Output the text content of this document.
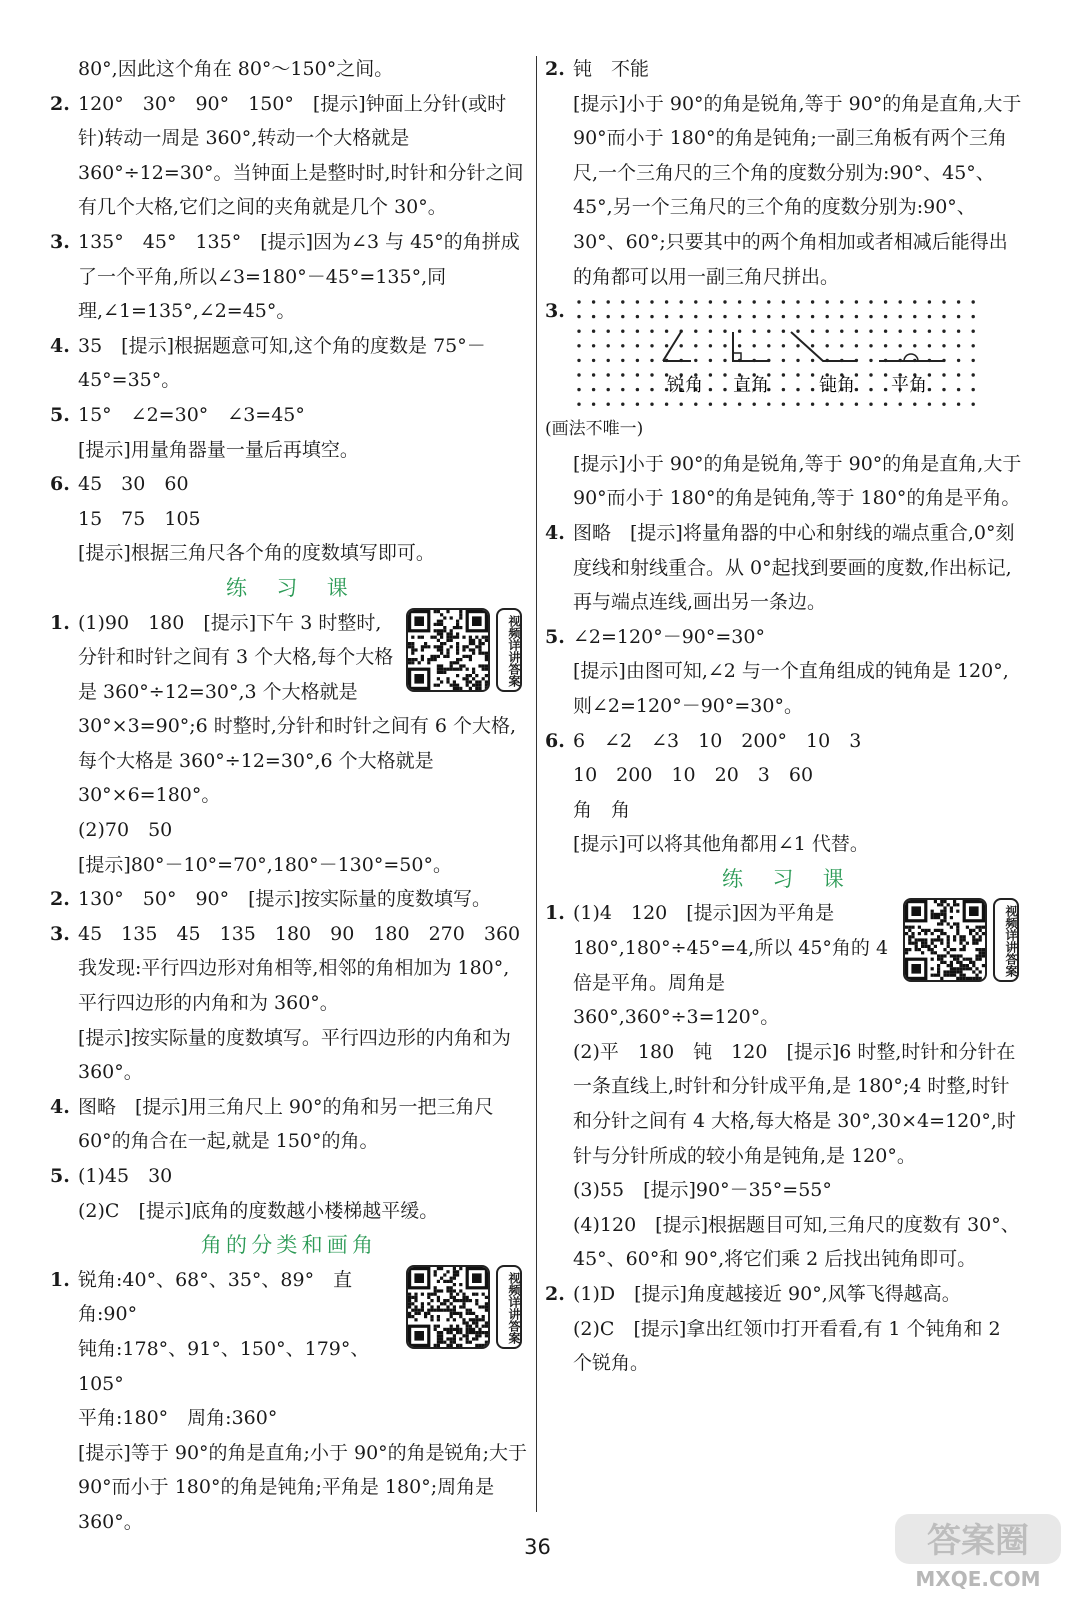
80°,因此这个角在 80°～150°之间。
2. 120°　30°　90°　150°　[提示]钟面上分针(或时针)转动一周是 360°,转动一个大格就是 360°÷12=30°。当钟面上是整时时,时针和分针之间有几个大格,它们之间的夹角就是几个 30°。
3. 135°　45°　135°　[提示]因为∠3 与 45°的角拼成了一个平角,所以∠3=180°－45°=135°,同理,∠1=135°,∠2=45°。
4. 35　[提示]根据题意可知,这个角的度数是 75°－45°=35°。
5. 15°　∠2=30°　∠3=45°
[提示]用量角器量一量后再填空。
6. 45　30　60
15　75　105
[提示]根据三角尺各个角的度数填写即可。
练　习　课
1.	视频详讲答案
(1)90　180　[提示]下午 3 时整时,分针和时针之间有 3 个大格,每个大格是 360°÷12=30°,3 个大格就是 30°×3=90°;6 时整时,分针和时针之间有 6 个大格,每个大格是 360°÷12=30°,6 个大格就是 30°×6=180°。
(2)70　50
[提示]80°－10°=70°,180°－130°=50°。
2. 130°　50°　90°　[提示]按实际量的度数填写。
3. 45　135　45　135　180　90　180　270　360
我发现:平行四边形对角相等,相邻的角相加为 180°,平行四边形的内角和为 360°。
[提示]按实际量的度数填写。平行四边形的内角和为 360°。
4. 图略　[提示]用三角尺上 90°的角和另一把三角尺 60°的角合在一起,就是 150°的角。
5. (1)45　30
(2)C　[提示]底角的度数越小楼梯越平缓。
角的分类和画角
1.	视频详讲答案
锐角:40°、68°、35°、89°　直角:90°
钝角:178°、91°、150°、179°、105°
平角:180°　周角:360°
[提示]等于 90°的角是直角;小于 90°的角是锐角;大于 90°而小于 180°的角是钝角;平角是 180°;周角是 360°。
2. 钝　不能
[提示]小于 90°的角是锐角,等于 90°的角是直角,大于 90°而小于 180°的角是钝角;一副三角板有两个三角尺,一个三角尺的三个角的度数分别为:90°、45°、45°,另一个三角尺的三个角的度数分别为:90°、30°、60°;只要其中的两个角相加或者相减后能得出的角都可以用一副三角尺拼出。
3.
锐角 直角	钝角 平角
(画法不唯一)
[提示]小于 90°的角是锐角,等于 90°的角是直角,大于 90°而小于 180°的角是钝角,等于 180°的角是平角。
4. 图略　[提示]将量角器的中心和射线的端点重合,0°刻度线和射线重合。从 0°起找到要画的度数,作出标记,再与端点连线,画出另一条边。
5. ∠2=120°－90°=30°
[提示]由图可知,∠2 与一个直角组成的钝角是 120°,则∠2=120°－90°=30°。
6. 6　∠2　∠3　10　200°　10　3
10　200　10　20　3　60
角　角
[提示]可以将其他角都用∠1 代替。
练　习　课
1.	视频详讲答案
(1)4　120　[提示]因为平角是 180°,180°÷45°=4,所以 45°角的 4 倍是平角。周角是 360°,360°÷3=120°。
(2)平　180　钝　120　[提示]6 时整,时针和分针在一条直线上,时针和分针成平角,是 180°;4 时整,时针和分针之间有 4 大格,每大格是 30°,30×4=120°,时针与分针所成的较小角是钝角,是 120°。
(3)55　[提示]90°－35°=55°
(4)120　[提示]根据题目可知,三角尺的度数有 30°、45°、60°和 90°,将它们乘 2 后找出钝角即可。
2. (1)D　[提示]角度越接近 90°,风筝飞得越高。
(2)C　[提示]拿出红领巾打开看看,有 1 个钝角和 2 个锐角。
36	答案圈
MXQE.COM
